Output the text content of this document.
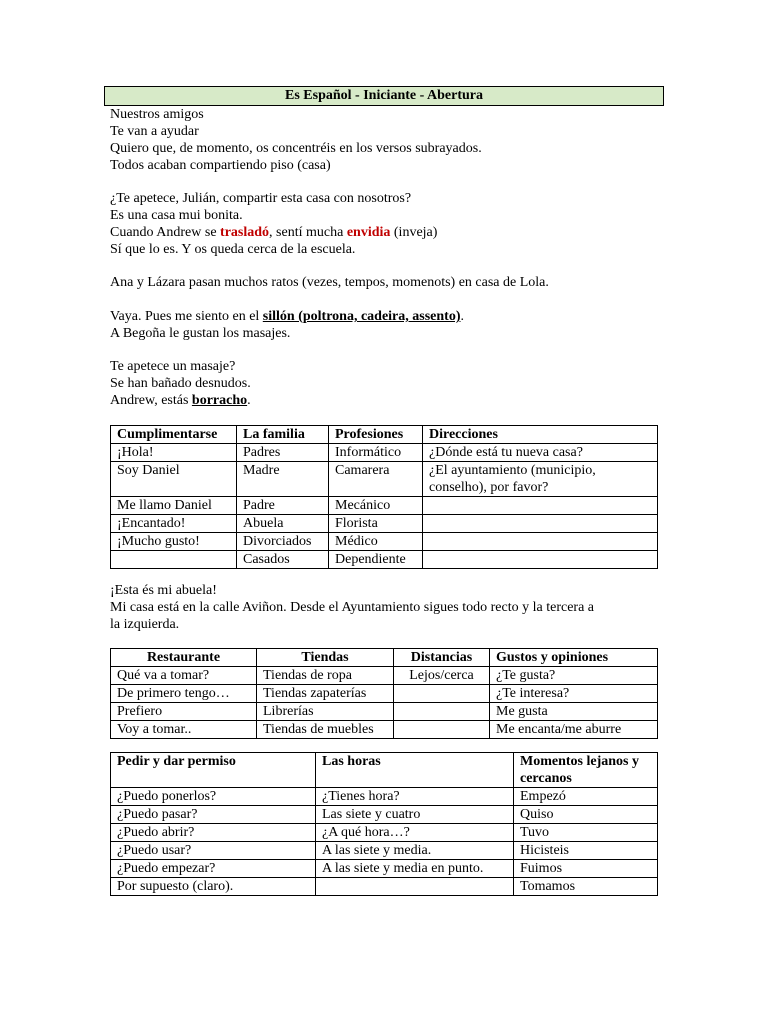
Es Español - Iniciante - Abertura
Nuestros amigos
Te van a ayudar
Quiero que, de momento, os concentréis en los versos subrayados.
Todos acaban compartiendo piso (casa)
¿Te apetece, Julián, compartir esta casa con nosotros?
Es una casa mui bonita.
Cuando Andrew se trasladó, sentí mucha envidia (inveja)
Sí que lo es. Y os queda cerca de la escuela.
Ana y Lázara pasan muchos ratos (vezes, tempos, momenots) en casa de Lola.
Vaya. Pues me siento en el sillón (poltrona, cadeira, assento).
A Begoña le gustan los masajes.
Te apetece un masaje?
Se han bañado desnudos.
Andrew, estás borracho.
Cumplimentarse	La familia	Profesiones	Direcciones
¡Hola!	Padres	Informático	¿Dónde está tu nueva casa?
Soy Daniel	Madre	Camarera	¿El ayuntamiento (municipio, conselho), por favor?
Me llamo Daniel	Padre	Mecánico	
¡Encantado!	Abuela	Florista	
¡Mucho gusto!	Divorciados	Médico	
	Casados	Dependiente	
¡Esta és mi abuela!
Mi casa está en la calle Aviñon. Desde el Ayuntamiento sigues todo recto y la tercera a
la izquierda.
Restaurante	Tiendas	Distancias	Gustos y opiniones
Qué va a tomar?	Tiendas de ropa	Lejos/cerca	¿Te gusta?
De primero tengo…	Tiendas zapaterías		¿Te interesa?
Prefiero	Librerías		Me gusta
Voy a tomar..	Tiendas de muebles		Me encanta/me aburre
Pedir y dar permiso	Las horas	Momentos lejanos y cercanos
¿Puedo ponerlos?	¿Tienes hora?	Empezó
¿Puedo pasar?	Las siete y cuatro	Quiso
¿Puedo abrir?	¿A qué hora…?	Tuvo
¿Puedo usar?	A las siete y media.	Hicisteis
¿Puedo empezar?	A las siete y media en punto.	Fuimos
Por supuesto (claro).		Tomamos
